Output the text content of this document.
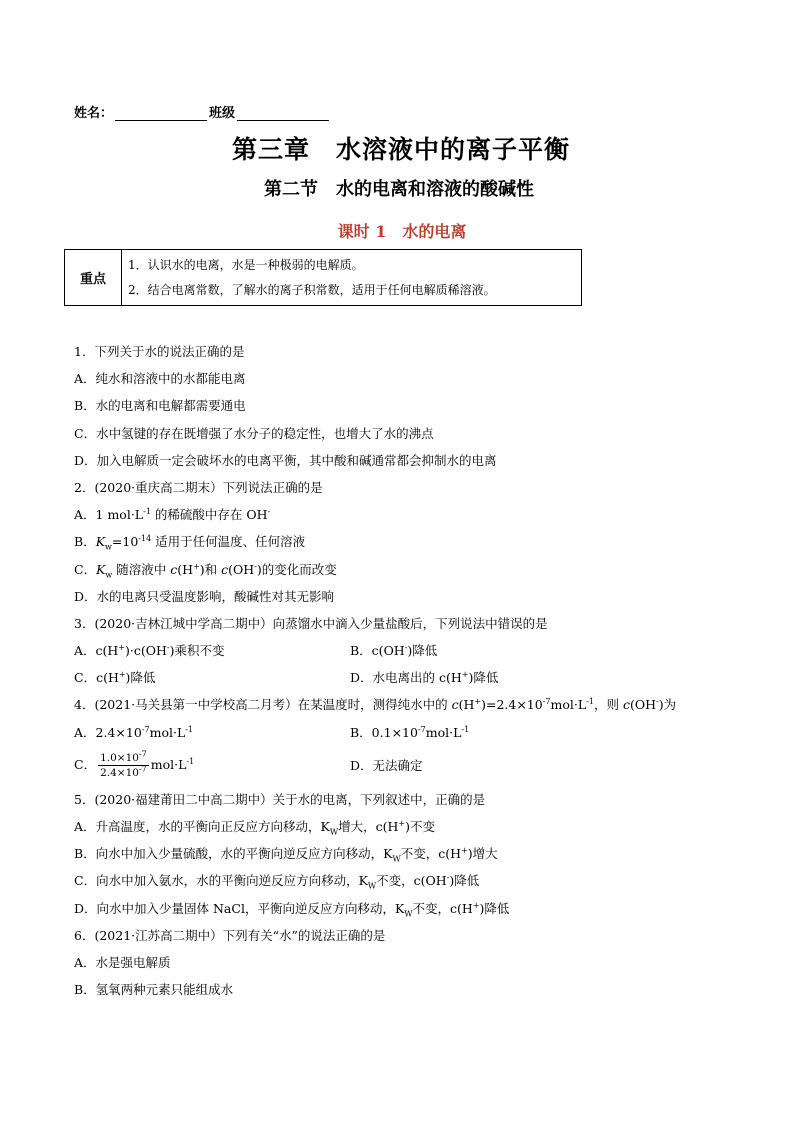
姓名：	班级
第三章　水溶液中的离子平衡
第二节　水的电离和溶液的酸碱性
课时 1　水的电离
重点
1．认识水的电离，水是一种极弱的电解质。
2．结合电离常数，了解水的离子积常数，适用于任何电解质稀溶液。
1．下列关于水的说法正确的是
A．纯水和溶液中的水都能电离
B．水的电离和电解都需要通电
C．水中氢键的存在既增强了水分子的稳定性，也增大了水的沸点
D．加入电解质一定会破坏水的电离平衡，其中酸和碱通常都会抑制水的电离
2．(2020·重庆高二期末）下列说法正确的是
A．1 $mol\cdot L^{-1}$ 的稀硫酸中存在 OH-
B．$K_w=10^{-14}$ 适用于任何温度、任何溶液
C．$K_w$ 随溶液中 c(H+)和 c(OH-)的变化而改变
D．水的电离只受温度影响，酸碱性对其无影响
3．(2020·吉林江城中学高二期中）向蒸馏水中滴入少量盐酸后，下列说法中错误的是
A．c(H+)·c(OH-)乘积不变	B．c(OH-)降低
C．c(H+)降低	D．水电离出的 c(H+)降低
4．(2021·马关县第一中学校高二月考）在某温度时，测得纯水中的 $c(H^+)=2.4\times 10^{-7}mol\cdot L^{-1}$，则 c(OH-)为
A．$2.4\times 10^{-7}mol\cdot L^{-1}$	B．$0.1\times 10^{-7}mol\cdot L^{-1}$
C． $\frac{1.0\times 10^{-7}}{2.4\times 10^{-7}} mol\cdot L^{-1}$	D．无法确定
5．(2020·福建莆田二中高二期中）关于水的电离，下列叙述中，正确的是
A．升高温度，水的平衡向正反应方向移动，$K_W$增大，c(H+)不变
B．向水中加入少量硫酸，水的平衡向逆反应方向移动，$K_W$不变，c(H+)增大
C．向水中加入氨水，水的平衡向逆反应方向移动，$K_W$不变，c(OH-)降低
D．向水中加入少量固体 NaCl，平衡向逆反应方向移动，$K_W$不变，c(H+)降低
6．(2021·江苏高二期中）下列有关“水”的说法正确的是
A．水是强电解质
B．氢氧两种元素只能组成水
